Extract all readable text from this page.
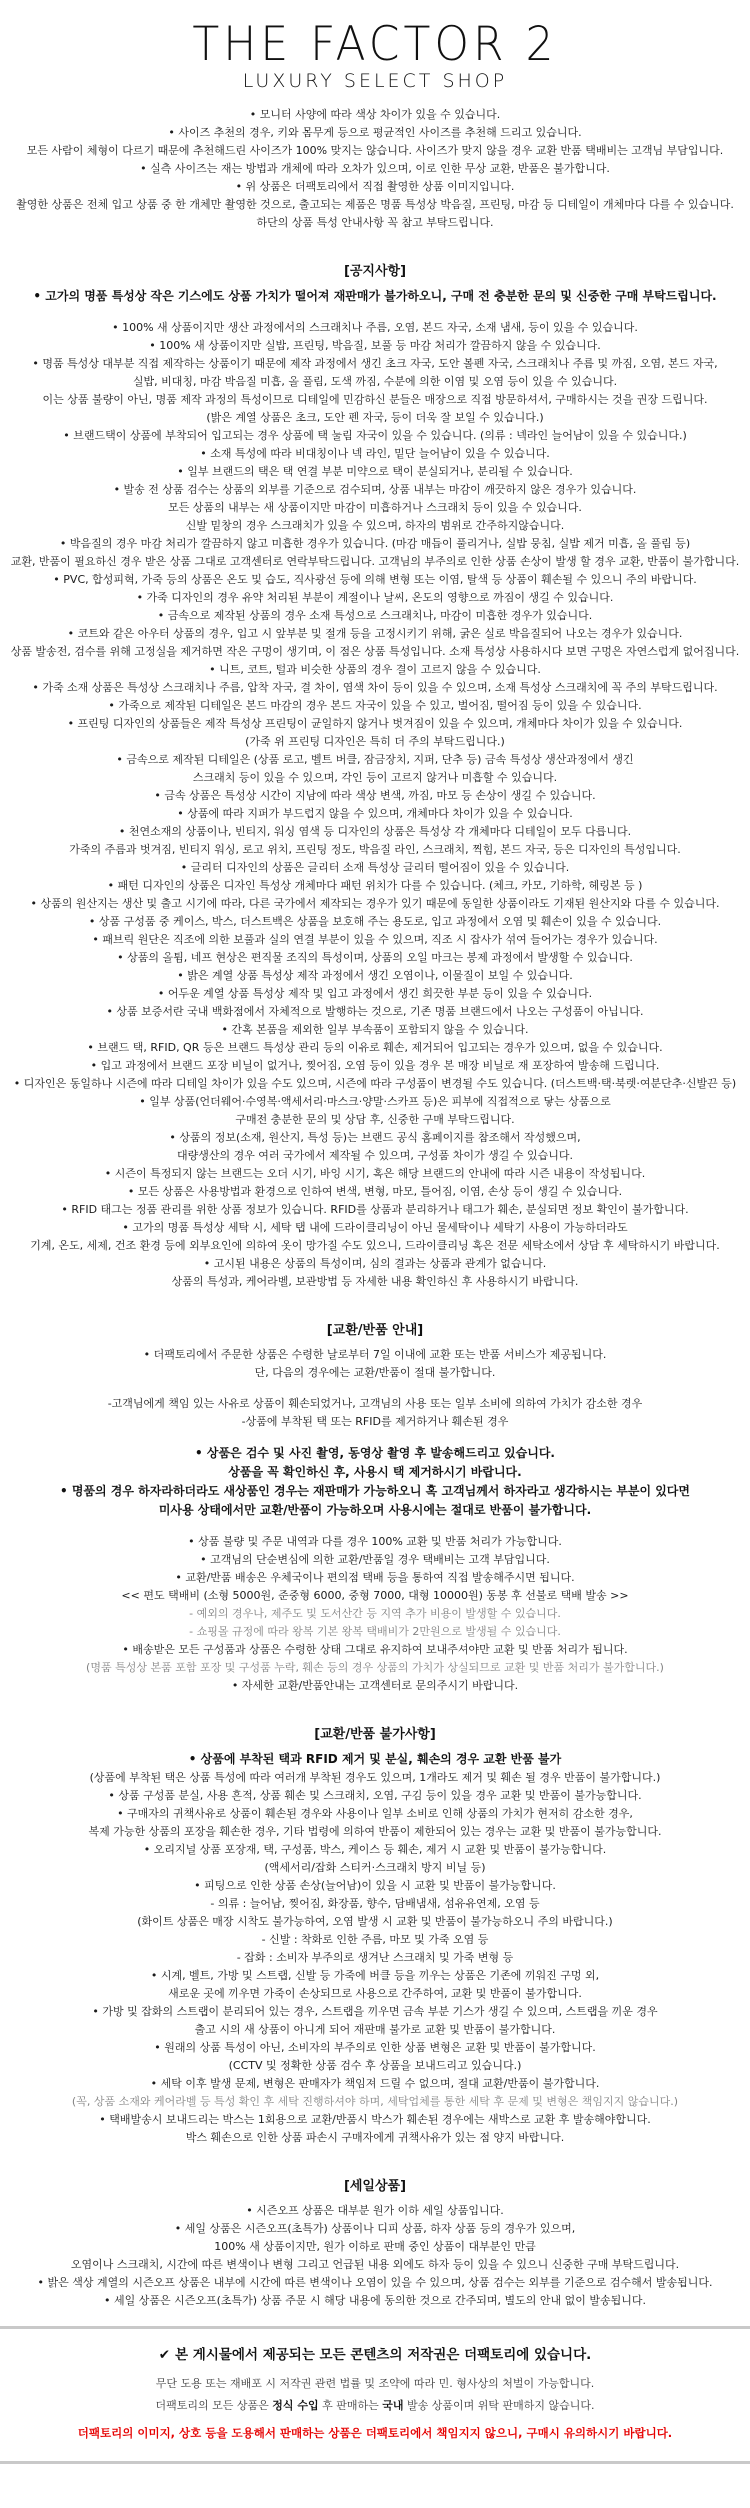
THE FACTOR 2
LUXURY SELECT SHOP

• 모니터 사양에 따라 색상 차이가 있을 수 있습니다.

• 사이즈 추천의 경우, 키와 몸무게 등으로 평균적인 사이즈를 추천해 드리고 있습니다.

모든 사람이 체형이 다르기 때문에 추천해드린 사이즈가 100% 맞지는 않습니다. 사이즈가 맞지 않을 경우 교환 반품 택배비는 고객님 부담입니다.

• 실측 사이즈는 재는 방법과 개체에 따라 오차가 있으며, 이로 인한 무상 교환, 반품은 불가합니다.

• 위 상품은 더팩토리에서 직접 촬영한 상품 이미지입니다.

촬영한 상품은 전체 입고 상품 중 한 개체만 촬영한 것으로, 출고되는 제품은 명품 특성상 박음질, 프린팅, 마감 등 디테일이 개체마다 다를 수 있습니다.

하단의 상품 특성 안내사항 꼭 참고 부탁드립니다.

[공지사항]

• 고가의 명품 특성상 작은 기스에도 상품 가치가 떨어져 재판매가 불가하오니, 구매 전 충분한 문의 및 신중한 구매 부탁드립니다.

• 100% 새 상품이지만 생산 과정에서의 스크래치나 주름, 오염, 본드 자국, 소재 냄새, 등이 있을 수 있습니다.

• 100% 새 상품이지만 실밥, 프린팅, 박음질, 보풀 등 마감 처리가 깔끔하지 않을 수 있습니다.

• 명품 특성상 대부분 직접 제작하는 상품이기 때문에 제작 과정에서 생긴 초크 자국, 도안 볼펜 자국, 스크래치나 주름 및 까짐, 오염, 본드 자국,

실밥, 비대칭, 마감 박음질 미흡, 올 풀림, 도색 까짐, 수분에 의한 이염 및 오염 등이 있을 수 있습니다.

이는 상품 불량이 아닌, 명품 제작 과정의 특성이므로 디테일에 민감하신 분들은 매장으로 직접 방문하셔서, 구매하시는 것을 권장 드립니다.

(밝은 계열 상품은 초크, 도안 펜 자국, 등이 더욱 잘 보일 수 있습니다.)

• 브랜드택이 상품에 부착되어 입고되는 경우 상품에 택 눌림 자국이 있을 수 있습니다. (의류 : 넥라인 늘어남이 있을 수 있습니다.)

• 소재 특성에 따라 비대칭이나 넥 라인, 밑단 늘어남이 있을 수 있습니다.

• 일부 브랜드의 택은 택 연결 부분 미약으로 택이 분실되거나, 분리될 수 있습니다.

• 발송 전 상품 검수는 상품의 외부를 기준으로 검수되며, 상품 내부는 마감이 깨끗하지 않은 경우가 있습니다.

모든 상품의 내부는 새 상품이지만 마감이 미흡하거나 스크래치 등이 있을 수 있습니다.

신발 밑창의 경우 스크래치가 있을 수 있으며, 하자의 범위로 간주하지않습니다.

• 박음질의 경우 마감 처리가 깔끔하지 않고 미흡한 경우가 있습니다. (마감 매듭이 풀리거나, 실밥 뭉침, 실밥 제거 미흡, 올 풀림 등)

교환, 반품이 필요하신 경우 받은 상품 그대로 고객센터로 연락부탁드립니다. 고객님의 부주의로 인한 상품 손상이 발생 할 경우 교환, 반품이 불가합니다.

• PVC, 합성피혁, 가죽 등의 상품은 온도 및 습도, 직사광선 등에 의해 변형 또는 이염, 탈색 등 상품이 훼손될 수 있으니 주의 바랍니다.

• 가죽 디자인의 경우 유약 처리된 부분이 계절이나 날씨, 온도의 영향으로 까짐이 생길 수 있습니다.

• 금속으로 제작된 상품의 경우 소재 특성으로 스크래치나, 마감이 미흡한 경우가 있습니다.

• 코트와 같은 아우터 상품의 경우, 입고 시 앞부분 및 절개 등을 고정시키기 위해, 굵은 실로 박음질되어 나오는 경우가 있습니다.

상품 발송전, 검수를 위해 고정실을 제거하면 작은 구멍이 생기며, 이 점은 상품 특성입니다. 소재 특성상 사용하시다 보면 구멍은 자연스럽게 없어집니다.

• 니트, 코트, 털과 비슷한 상품의 경우 결이 고르지 않을 수 있습니다.

• 가죽 소재 상품은 특성상 스크래치나 주름, 압착 자국, 결 차이, 염색 차이 등이 있을 수 있으며, 소재 특성상 스크래치에 꼭 주의 부탁드립니다.

• 가죽으로 제작된 디테일은 본드 마감의 경우 본드 자국이 있을 수 있고, 벌어짐, 떨어짐 등이 있을 수 있습니다.

• 프린팅 디자인의 상품들은 제작 특성상 프린팅이 균일하지 않거나 벗겨짐이 있을 수 있으며, 개체마다 차이가 있을 수 있습니다.

(가죽 위 프린팅 디자인은 특히 더 주의 부탁드립니다.)

• 금속으로 제작된 디테일은 (상품 로고, 벨트 버클, 잠금장치, 지퍼, 단추 등) 금속 특성상 생산과정에서 생긴

스크래치 등이 있을 수 있으며, 각인 등이 고르지 않거나 미흡할 수 있습니다.

• 금속 상품은 특성상 시간이 지남에 따라 색상 변색, 까짐, 마모 등 손상이 생길 수 있습니다.

• 상품에 따라 지퍼가 부드럽지 않을 수 있으며, 개체마다 차이가 있을 수 있습니다.

• 천연소재의 상품이나, 빈티지, 워싱 염색 등 디자인의 상품은 특성상 각 개체마다 디테일이 모두 다릅니다.

가죽의 주름과 벗겨짐, 빈티지 워싱, 로고 위치, 프린팅 정도, 박음질 라인, 스크래치, 찍힘, 본드 자국, 등은 디자인의 특성입니다.

• 글리터 디자인의 상품은 글리터 소재 특성상 글리터 떨어짐이 있을 수 있습니다.

• 패턴 디자인의 상품은 디자인 특성상 개체마다 패턴 위치가 다를 수 있습니다. (체크, 카모, 기하학, 헤링본 등 )

• 상품의 원산지는 생산 및 출고 시기에 따라, 다른 국가에서 제작되는 경우가 있기 때문에 동일한 상품이라도 기재된 원산지와 다를 수 있습니다.

• 상품 구성품 중 케이스, 박스, 더스트백은 상품을 보호해 주는 용도로, 입고 과정에서 오염 및 훼손이 있을 수 있습니다.

• 패브릭 원단은 직조에 의한 보풀과 실의 연결 부분이 있을 수 있으며, 직조 시 잡사가 섞여 들어가는 경우가 있습니다.

• 상품의 올튐, 네프 현상은 편직물 조직의 특성이며, 상품의 오일 마크는 봉제 과정에서 발생할 수 있습니다.

• 밝은 계열 상품 특성상 제작 과정에서 생긴 오염이나, 이물질이 보일 수 있습니다.

• 어두운 계열 상품 특성상 제작 및 입고 과정에서 생긴 희끗한 부분 등이 있을 수 있습니다.

• 상품 보증서란 국내 백화점에서 자체적으로 발행하는 것으로, 기존 명품 브랜드에서 나오는 구성품이 아닙니다.

• 간혹 본품을 제외한 일부 부속품이 포함되지 않을 수 있습니다.

• 브랜드 택, RFID, QR 등은 브랜드 특성상 관리 등의 이유로 훼손, 제거되어 입고되는 경우가 있으며, 없을 수 있습니다.

• 입고 과정에서 브랜드 포장 비닐이 없거나, 찢어짐, 오염 등이 있을 경우 본 매장 비닐로 재 포장하여 발송해 드립니다.

• 디자인은 동일하나 시즌에 따라 디테일 차이가 있을 수도 있으며, 시즌에 따라 구성품이 변경될 수도 있습니다. (더스트백·택·북렛·여분단추·신발끈 등)

• 일부 상품(언더웨어·수영복·액세서리·마스크·양말·스카프 등)은 피부에 직접적으로 닿는 상품으로

구매전 충분한 문의 및 상담 후, 신중한 구매 부탁드립니다.

• 상품의 정보(소재, 원산지, 특성 등)는 브랜드 공식 홈페이지를 참조해서 작성했으며,

대량생산의 경우 여러 국가에서 제작될 수 있으며, 구성품 차이가 생길 수 있습니다.

• 시즌이 특정되지 않는 브랜드는 오더 시기, 바잉 시기, 혹은 해당 브랜드의 안내에 따라 시즌 내용이 작성됩니다.

• 모든 상품은 사용방법과 환경으로 인하여 변색, 변형, 마모, 틀어짐, 이염, 손상 등이 생길 수 있습니다.

• RFID 태그는 정품 관리를 위한 상품 정보가 있습니다. RFID를 상품과 분리하거나 태그가 훼손, 분실되면 정보 확인이 불가합니다.

• 고가의 명품 특성상 세탁 시, 세탁 탭 내에 드라이클리닝이 아닌 물세탁이나 세탁기 사용이 가능하더라도

기계, 온도, 세제, 건조 환경 등에 외부요인에 의하여 옷이 망가질 수도 있으니, 드라이클리닝 혹은 전문 세탁소에서 상담 후 세탁하시기 바랍니다.

• 고시된 내용은 상품의 특성이며, 심의 결과는 상품과 관계가 없습니다.

상품의 특성과, 케어라벨, 보관방법 등 자세한 내용 확인하신 후 사용하시기 바랍니다.

[교환/반품 안내]

• 더팩토리에서 주문한 상품은 수령한 날로부터 7일 이내에 교환 또는 반품 서비스가 제공됩니다.

단, 다음의 경우에는 교환/반품이 절대 불가합니다.

-고객님에게 책임 있는 사유로 상품이 훼손되었거나, 고객님의 사용 또는 일부 소비에 의하여 가치가 감소한 경우

-상품에 부착된 택 또는 RFID를 제거하거나 훼손된 경우

• 상품은 검수 및 사진 촬영, 동영상 촬영 후 발송해드리고 있습니다.

상품을 꼭 확인하신 후, 사용시 택 제거하시기 바랍니다.

• 명품의 경우 하자라하더라도 새상품인 경우는 재판매가 가능하오니 혹 고객님께서 하자라고 생각하시는 부분이 있다면

미사용 상태에서만 교환/반품이 가능하오며 사용시에는 절대로 반품이 불가합니다.

• 상품 불량 및 주문 내역과 다를 경우 100% 교환 및 반품 처리가 가능합니다.

• 고객님의 단순변심에 의한 교환/반품일 경우 택배비는 고객 부담입니다.

• 교환/반품 배송은 우체국이나 편의점 택배 등을 통하여 직접 발송해주시면 됩니다.

<< 편도 택배비 (소형 5000원, 준중형 6000, 중형 7000, 대형 10000원) 동봉 후 선불로 택배 발송 >>

- 예외의 경우나, 제주도 및 도서산간 등 지역 추가 비용이 발생할 수 있습니다.

- 쇼핑몰 규정에 따라 왕복 기본 왕복 택배비가 2만원으로 발생될 수 있습니다.

• 배송받은 모든 구성품과 상품은 수령한 상태 그대로 유지하여 보내주셔야만 교환 및 반품 처리가 됩니다.

(명품 특성상 본품 포함 포장 및 구성품 누락, 훼손 등의 경우 상품의 가치가 상실되므로 교환 및 반품 처리가 불가합니다.)

• 자세한 교환/반품안내는 고객센터로 문의주시기 바랍니다.

[교환/반품 불가사항]

• 상품에 부착된 택과 RFID 제거 및 분실, 훼손의 경우 교환 반품 불가

(상품에 부착된 택은 상품 특성에 따라 여러개 부착된 경우도 있으며, 1개라도 제거 및 훼손 될 경우 반품이 불가합니다.)

• 상품 구성품 분실, 사용 흔적, 상품 훼손 및 스크래치, 오염, 구김 등이 있을 경우 교환 및 반품이 불가능합니다.

• 구매자의 귀책사유로 상품이 훼손된 경우와 사용이나 일부 소비로 인해 상품의 가치가 현저히 감소한 경우,

복제 가능한 상품의 포장을 훼손한 경우, 기타 법령에 의하여 반품이 제한되어 있는 경우는 교환 및 반품이 불가능합니다.

• 오리지널 상품 포장재, 택, 구성품, 박스, 케이스 등 훼손, 제거 시 교환 및 반품이 불가능합니다.

(액세서리/잡화 스티커·스크래치 방지 비닐 등)

• 피팅으로 인한 상품 손상(늘어남)이 있을 시 교환 및 반품이 불가능합니다.

- 의류 : 늘어남, 찢어짐, 화장품, 향수, 담배냄새, 섬유유연제, 오염 등

(화이트 상품은 매장 시착도 불가능하여, 오염 발생 시 교환 및 반품이 불가능하오니 주의 바랍니다.)

- 신발 : 착화로 인한 주름, 마모 및 가죽 오염 등

- 잡화 : 소비자 부주의로 생겨난 스크래치 및 가죽 변형 등

• 시계, 벨트, 가방 및 스트랩, 신발 등 가죽에 버클 등을 끼우는 상품은 기존에 끼워진 구멍 외,

새로운 곳에 끼우면 가죽이 손상되므로 사용으로 간주하여, 교환 및 반품이 불가합니다.

• 가방 및 잡화의 스트랩이 분리되어 있는 경우, 스트랩을 끼우면 금속 부분 기스가 생길 수 있으며, 스트랩을 끼운 경우

출고 시의 새 상품이 아니게 되어 재판매 불가로 교환 및 반품이 불가합니다.

• 원래의 상품 특성이 아닌, 소비자의 부주의로 인한 상품 변형은 교환 및 반품이 불가합니다.

(CCTV 및 정확한 상품 검수 후 상품을 보내드리고 있습니다.)

• 세탁 이후 발생 문제, 변형은 판매자가 책임져 드릴 수 없으며, 절대 교환/반품이 불가합니다.

(꼭, 상품 소재와 케어라벨 등 특성 확인 후 세탁 진행하셔야 하며, 세탁업체를 통한 세탁 후 문제 및 변형은 책임지지 않습니다.)

• 택배발송시 보내드리는 박스는 1회용으로 교환/반품시 박스가 훼손된 경우에는 새박스로 교환 후 발송해야합니다.

박스 훼손으로 인한 상품 파손시 구매자에게 귀책사유가 있는 점 양지 바랍니다.

[세일상품]

• 시즌오프 상품은 대부분 원가 이하 세일 상품입니다.

• 세일 상품은 시즌오프(초특가) 상품이나 디피 상품, 하자 상품 등의 경우가 있으며,

100% 새 상품이지만, 원가 이하로 판매 중인 상품이 대부분인 만큼

오염이나 스크래치, 시간에 따른 변색이나 변형 그리고 언급된 내용 외에도 하자 등이 있을 수 있으니 신중한 구매 부탁드립니다.

• 밝은 색상 계열의 시즌오프 상품은 내부에 시간에 따른 변색이나 오염이 있을 수 있으며, 상품 검수는 외부를 기준으로 검수해서 발송됩니다.

• 세일 상품은 시즌오프(초특가) 상품 주문 시 해당 내용에 동의한 것으로 간주되며, 별도의 안내 없이 발송됩니다.

✔ 본 게시물에서 제공되는 모든 콘텐츠의 저작권은 더팩토리에 있습니다.

무단 도용 또는 재배포 시 저작권 관련 법률 및 조약에 따라 민. 형사상의 처벌이 가능합니다.

더팩토리의 모든 상품은 정식 수입 후 판매하는 국내 발송 상품이며 위탁 판매하지 않습니다.

더팩토리의 이미지, 상호 등을 도용해서 판매하는 상품은 더팩토리에서 책임지지 않으니, 구매시 유의하시기 바랍니다.
